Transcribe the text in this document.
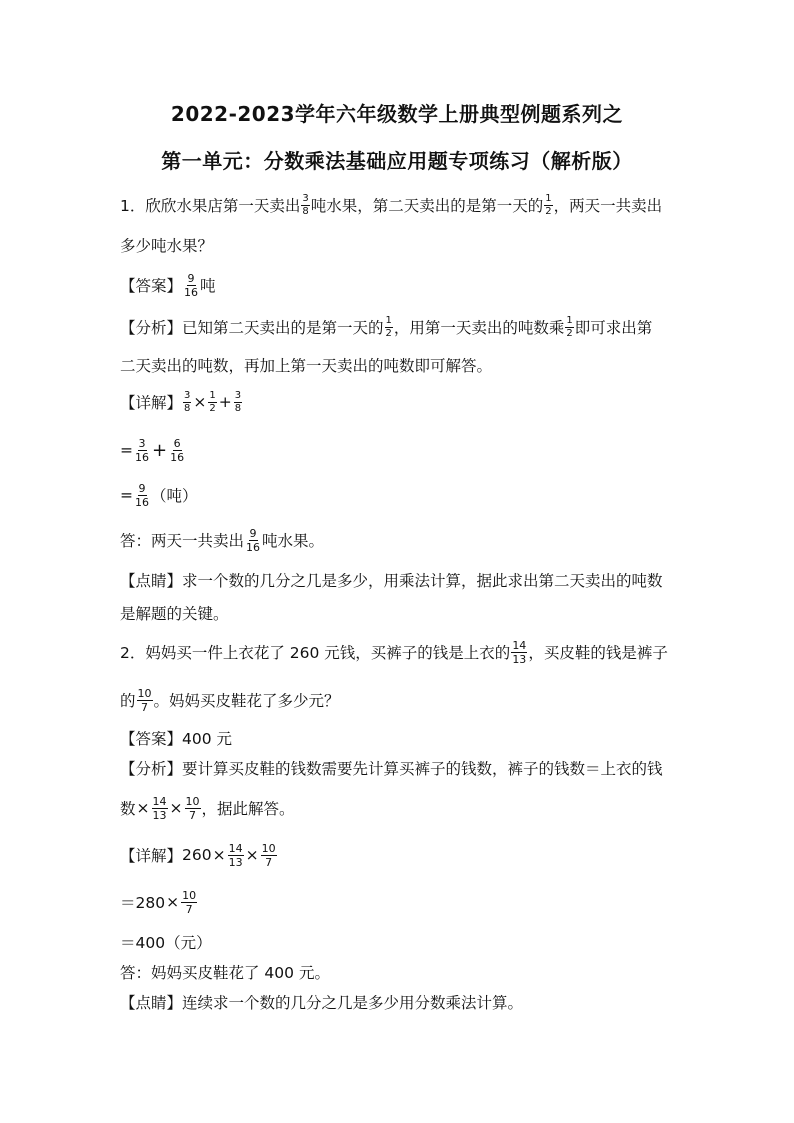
2022-2023学年六年级数学上册典型例题系列之
第一单元：分数乘法基础应用题专项练习（解析版）
1．欣欣水果店第一天卖出 $\frac{3}{8}$ 吨水果，第二天卖出的是第一天的 $\frac{1}{2}$ ，两天一共卖出
多少吨水果？
【答案】 $\frac{9}{16}$ 吨
【分析】 已知第二天卖出的是第一天的 $\frac{1}{2}$ ，用第一天卖出的吨数乘 $\frac{1}{2}$ 即可求出第
二天卖出的吨数，再加上第一天卖出的吨数即可解答。
【详解】 $\frac{3}{8} \times \frac{1}{2} + \frac{3}{8}$
= $\frac{3}{16} + \frac{6}{16}$
= $\frac{9}{16}$ （吨）
答：两天一共卖出 $\frac{9}{16}$ 吨水果。
【点睛】 求一个数的几分之几是多少，用乘法计算，据此求出第二天卖出的吨数
是解题的关键。
2．妈妈买一件上衣花了 260 元钱，买裤子的钱是上衣的 $\frac{14}{13}$ ，买皮鞋的钱是裤子
的 $\frac{10}{7}$ 。妈妈买皮鞋花了多少元？
【答案】 400 元
【分析】 要计算买皮鞋的钱数需要先计算买裤子的钱数，裤子的钱数＝上衣的钱
数 × $\frac{14}{13} \times \frac{10}{7}$ ，据此解答。
【详解】 $260 \times \frac{14}{13} \times \frac{10}{7}$
$=280 \times \frac{10}{7}$
＝400（元）
答：妈妈买皮鞋花了 400 元。
【点睛】 连续求一个数的几分之几是多少用分数乘法计算。
